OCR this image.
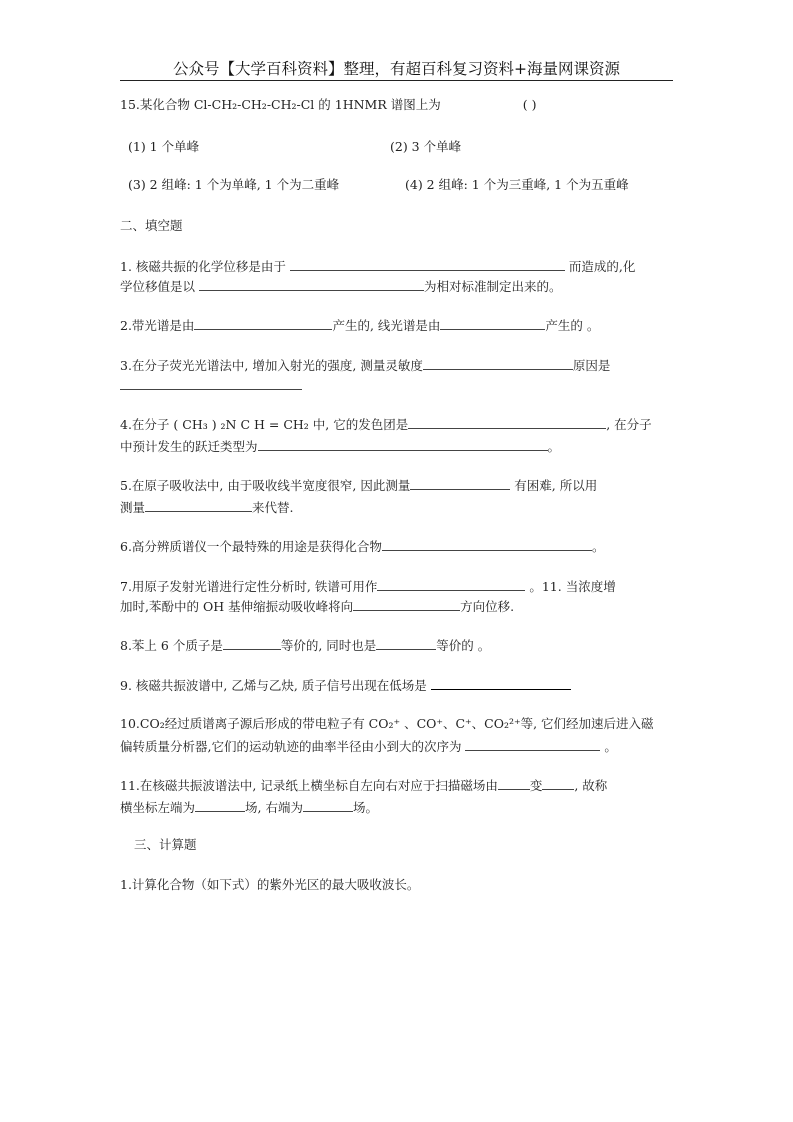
公众号【大学百科资料】整理，有超百科复习资料+海量网课资源
15.某化合物 Cl-CH₂-CH₂-CH₂-Cl 的 1HNMR 谱图上为	( )
(1) 1 个单峰	(2) 3 个单峰
(3) 2 组峰: 1 个为单峰, 1 个为二重峰	(4) 2 组峰: 1 个为三重峰, 1 个为五重峰
二、填空题
1. 核磁共振的化学位移是由于	而造成的,化
学位移值是以	为相对标准制定出来的。
2.带光谱是由	产生的, 线光谱是由	产生的 。
3.在分子荧光光谱法中, 增加入射光的强度, 测量灵敏度	原因是
4.在分子 ( CH₃ ) ₂N C H = CH₂ 中, 它的发色团是	, 在分子
中预计发生的跃迁类型为	。
5.在原子吸收法中, 由于吸收线半宽度很窄, 因此测量	有困难, 所以用
测量	来代替.
6.高分辨质谱仪一个最特殊的用途是获得化合物	。
7.用原子发射光谱进行定性分析时, 铁谱可用作	。11. 当浓度增
加时,苯酚中的 OH 基伸缩振动吸收峰将向	方向位移.
8.苯上 6 个质子是	等价的, 同时也是	等价的 。
9. 核磁共振波谱中, 乙烯与乙炔, 质子信号出现在低场是
10.CO₂经过质谱离子源后形成的带电粒子有 CO₂⁺ 、CO⁺、C⁺、CO₂²⁺等, 它们经加速后进入磁
偏转质量分析器,它们的运动轨迹的曲率半径由小到大的次序为	。
11.在核磁共振波谱法中, 记录纸上横坐标自左向右对应于扫描磁场由	变	, 故称
横坐标左端为	场, 右端为	场。
三、计算题
1.计算化合物（如下式）的紫外光区的最大吸收波长。
